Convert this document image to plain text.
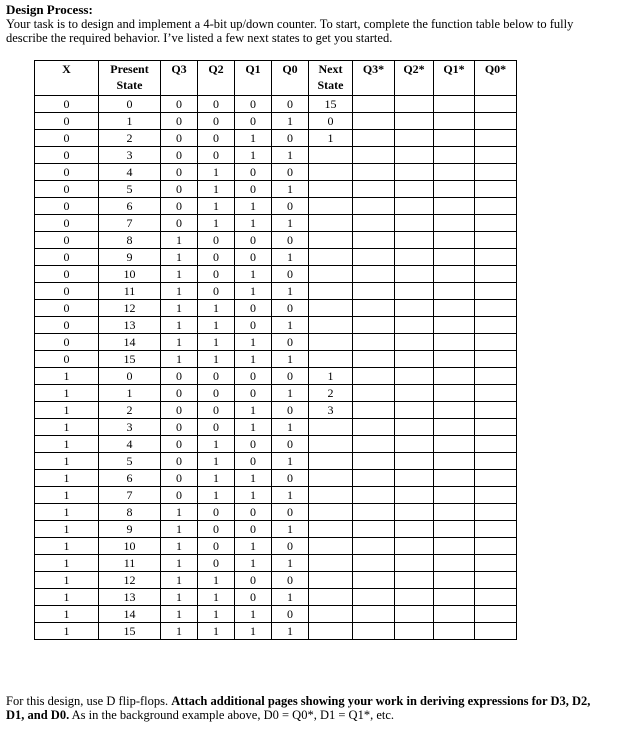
Design Process:
Your task is to design and implement a 4-bit up/down counter. To start, complete the function table below to fully describe the required behavior. I’ve listed a few next states to get you started.
X	Present
State	Q3	Q2	Q1	Q0	Next
State	Q3*	Q2*	Q1*	Q0*
0	0	0	0	0	0	15				
0	1	0	0	0	1	0				
0	2	0	0	1	0	1				
0	3	0	0	1	1					
0	4	0	1	0	0					
0	5	0	1	0	1					
0	6	0	1	1	0					
0	7	0	1	1	1					
0	8	1	0	0	0					
0	9	1	0	0	1					
0	10	1	0	1	0					
0	11	1	0	1	1					
0	12	1	1	0	0					
0	13	1	1	0	1					
0	14	1	1	1	0					
0	15	1	1	1	1					
1	0	0	0	0	0	1				
1	1	0	0	0	1	2				
1	2	0	0	1	0	3				
1	3	0	0	1	1					
1	4	0	1	0	0					
1	5	0	1	0	1					
1	6	0	1	1	0					
1	7	0	1	1	1					
1	8	1	0	0	0					
1	9	1	0	0	1					
1	10	1	0	1	0					
1	11	1	0	1	1					
1	12	1	1	0	0					
1	13	1	1	0	1					
1	14	1	1	1	0					
1	15	1	1	1	1					
For this design, use D flip-flops. Attach additional pages showing your work in deriving expressions for D3, D2, D1, and D0. As in the background example above, D0 = Q0*, D1 = Q1*, etc.
